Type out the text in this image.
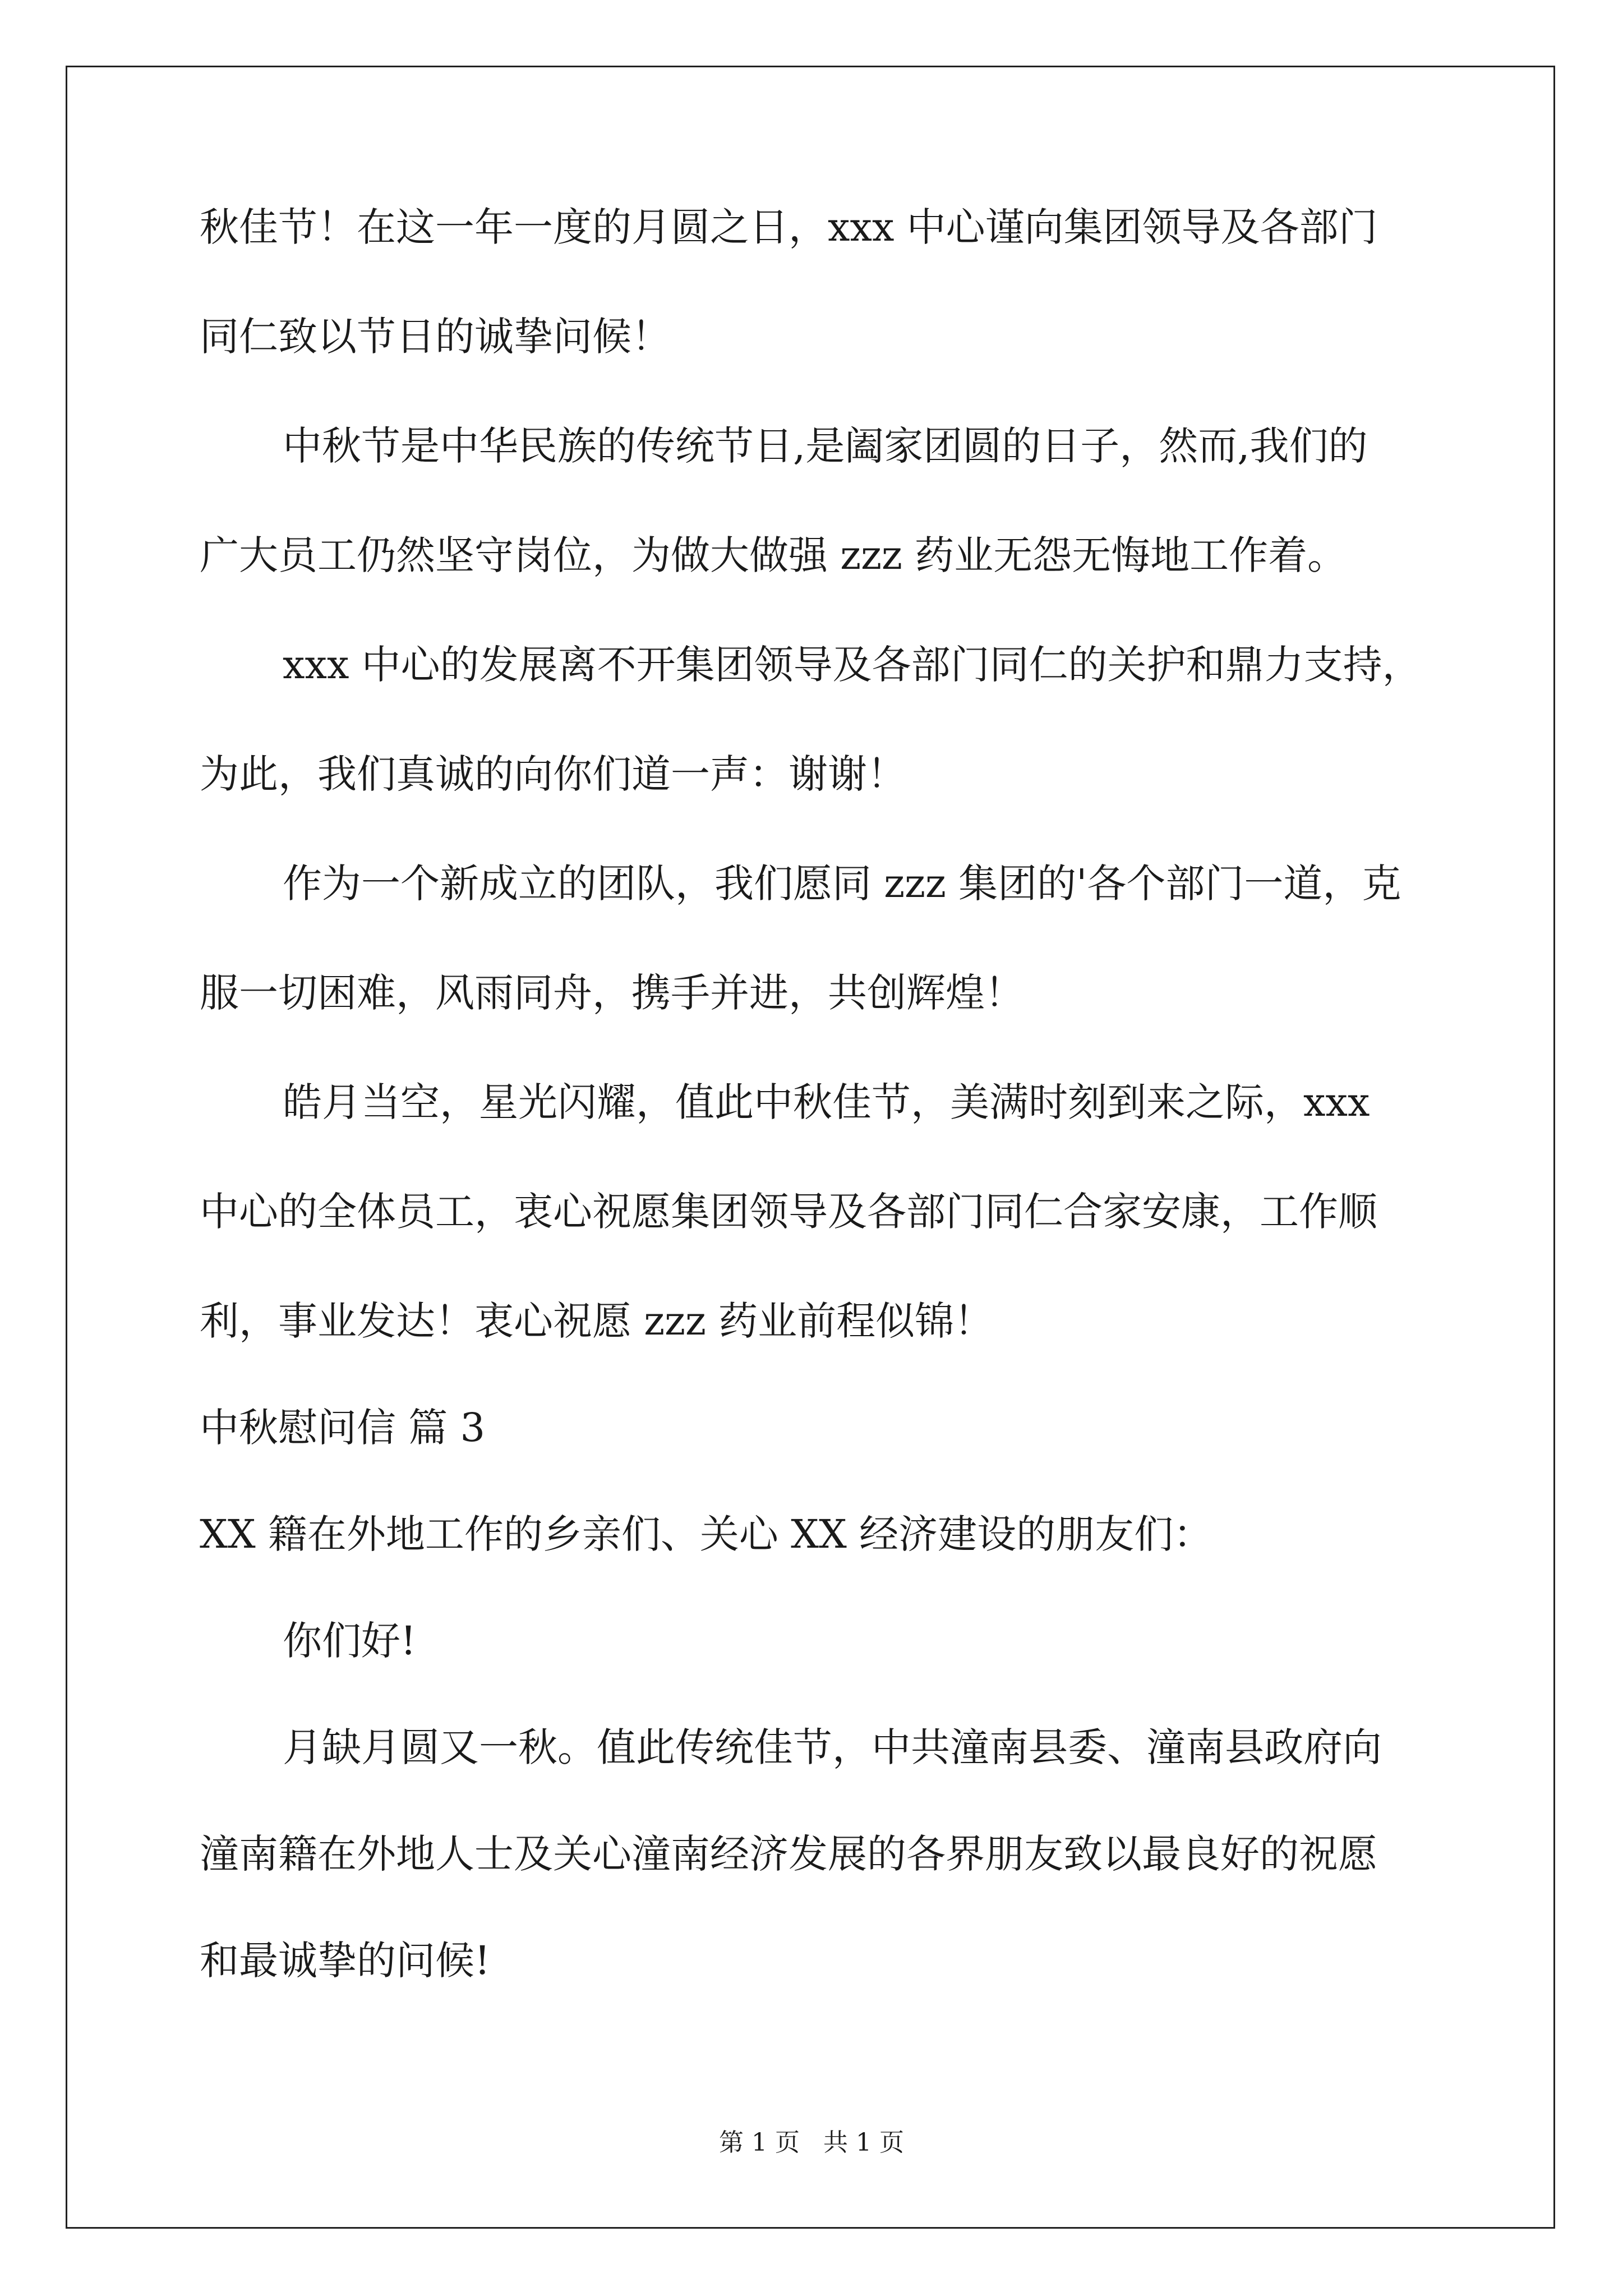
秋佳节！在这一年一度的月圆之日，xxx 中心谨向集团领导及各部门
同仁致以节日的诚挚问候！
中秋节是中华民族的传统节日,是阖家团圆的日子，然而,我们的
广大员工仍然坚守岗位，为做大做强 zzz 药业无怨无悔地工作着。
xxx 中心的发展离不开集团领导及各部门同仁的关护和鼎力支持，
为此，我们真诚的向你们道一声：谢谢！
作为一个新成立的团队，我们愿同 zzz 集团的'各个部门一道，克
服一切困难，风雨同舟，携手并进，共创辉煌！
皓月当空，星光闪耀，值此中秋佳节，美满时刻到来之际，xxx
中心的全体员工，衷心祝愿集团领导及各部门同仁合家安康，工作顺
利，事业发达！衷心祝愿 zzz 药业前程似锦！
中秋慰问信 篇 3
XX 籍在外地工作的乡亲们、关心 XX 经济建设的朋友们：
你们好!
月缺月圆又一秋。值此传统佳节，中共潼南县委、潼南县政府向
潼南籍在外地人士及关心潼南经济发展的各界朋友致以最良好的祝愿
和最诚挚的问候!
第 1 页   共 1 页
